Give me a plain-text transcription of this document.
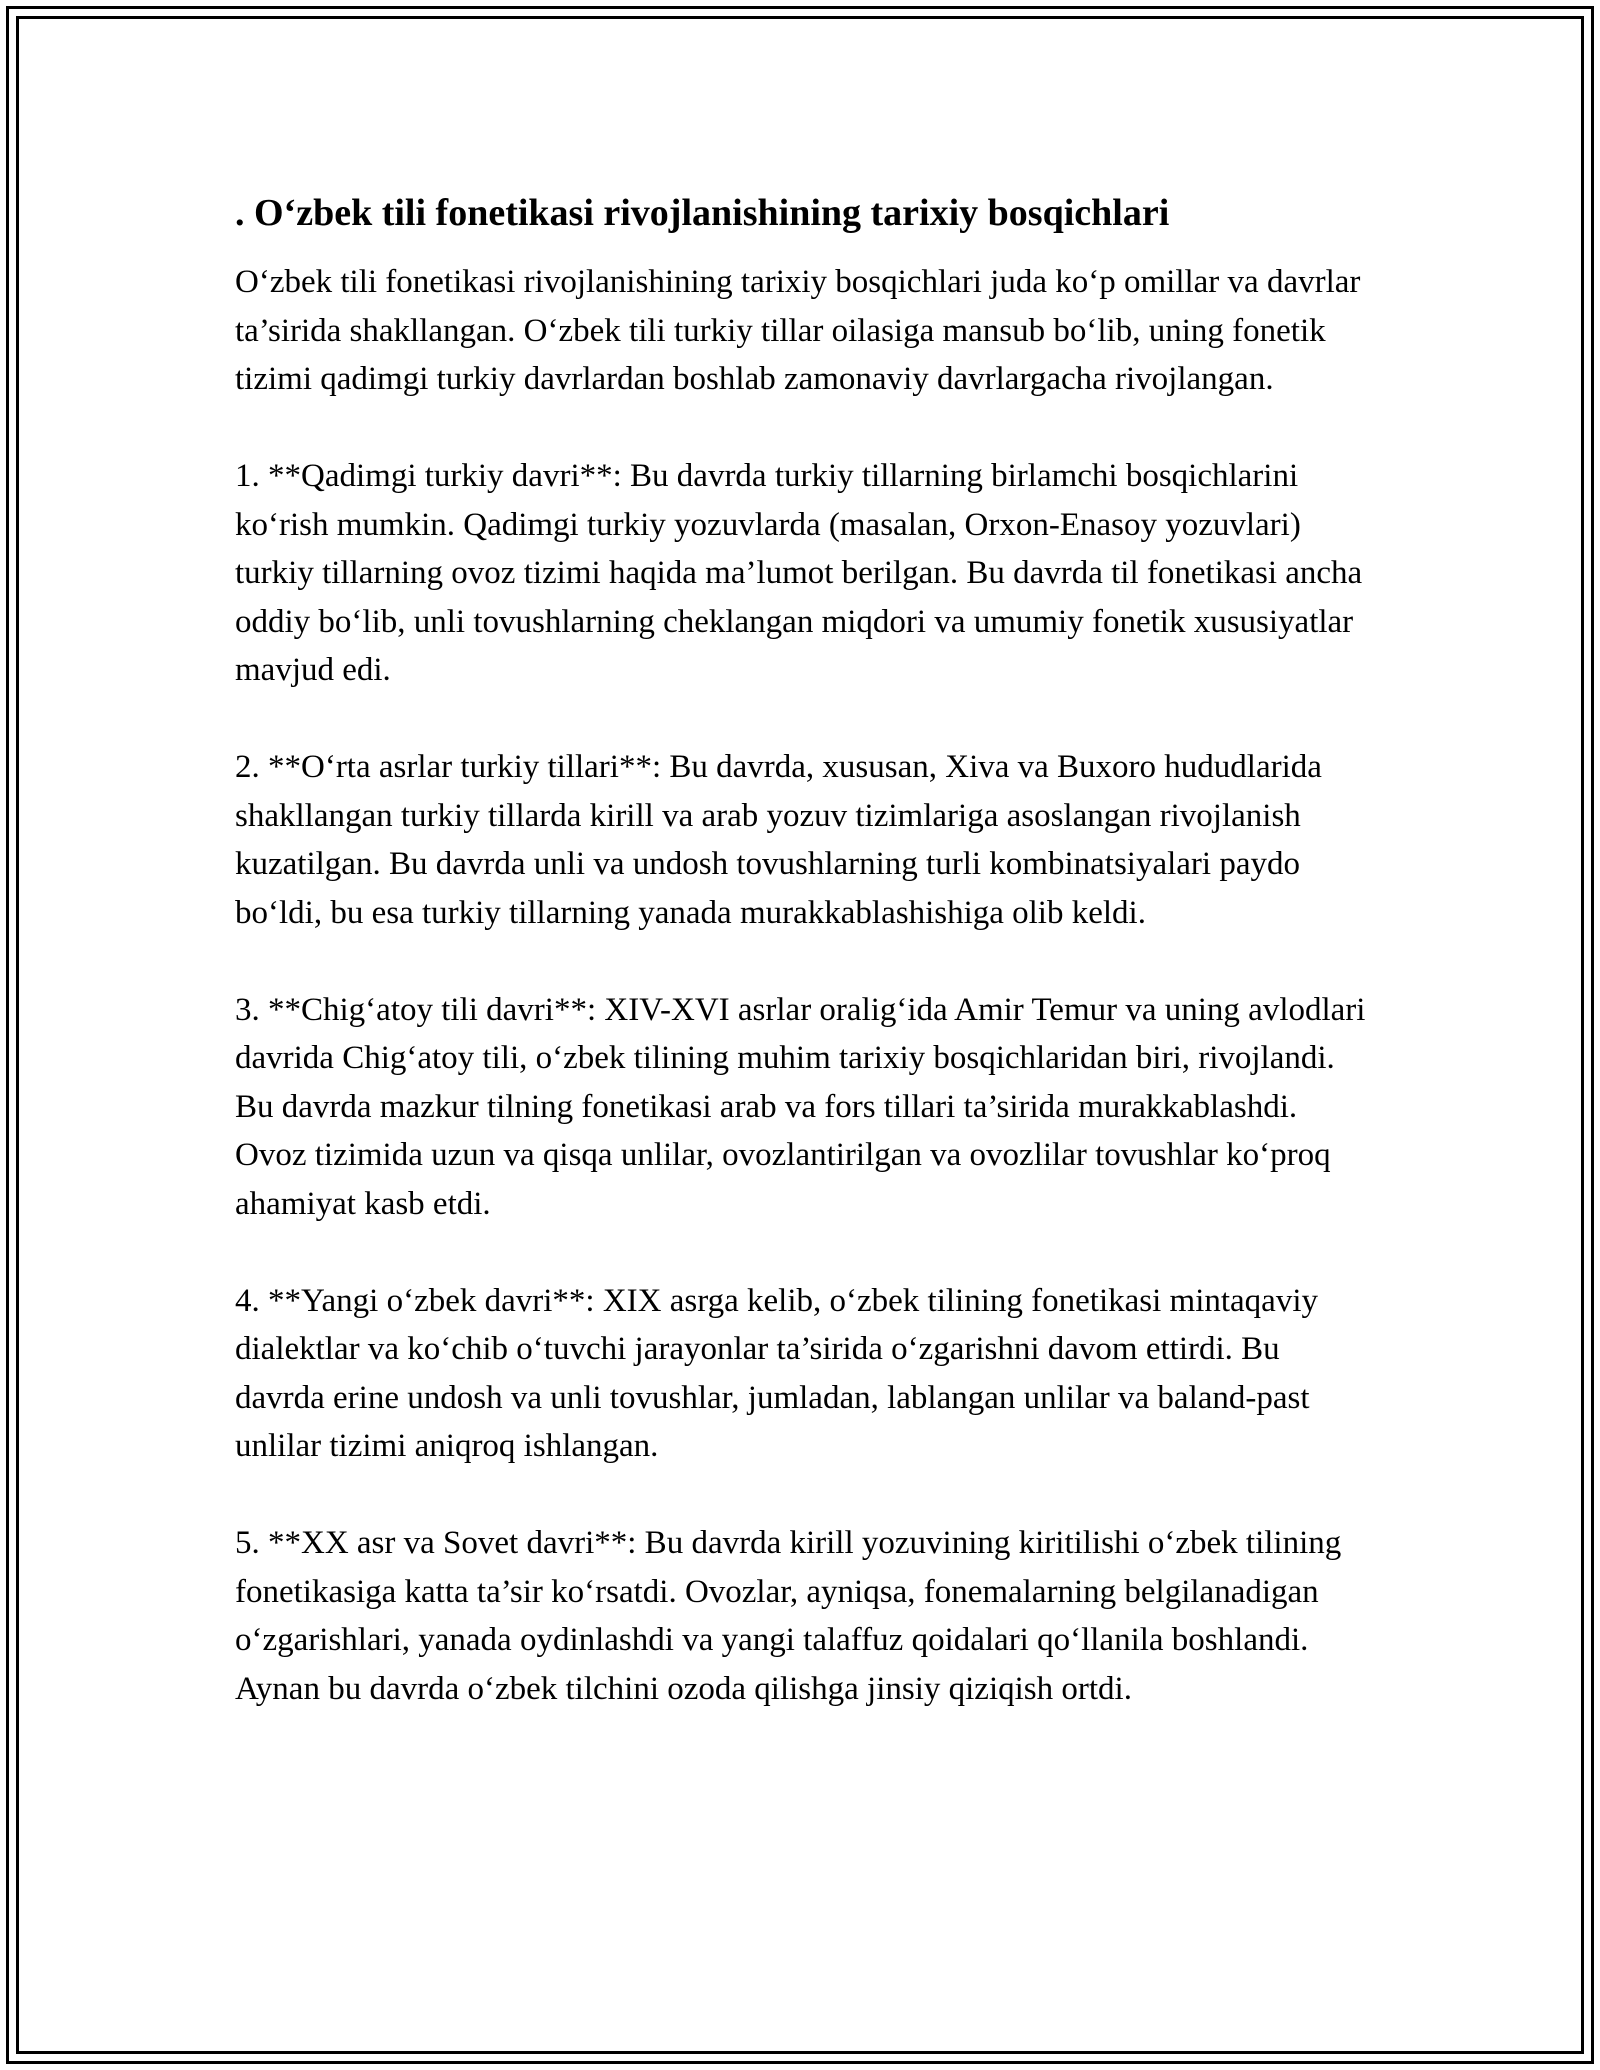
. O‘zbek tili fonetikasi rivojlanishining tarixiy bosqichlari

O‘zbek tili fonetikasi rivojlanishining tarixiy bosqichlari juda ko‘p omillar va davrlar ta’sirida shakllangan. O‘zbek tili turkiy tillar oilasiga mansub bo‘lib, uning fonetik tizimi qadimgi turkiy davrlardan boshlab zamonaviy davrlargacha rivojlangan.

1. **Qadimgi turkiy davri**: Bu davrda turkiy tillarning birlamchi bosqichlarini ko‘rish mumkin. Qadimgi turkiy yozuvlarda (masalan, Orxon-Enasoy yozuvlari) turkiy tillarning ovoz tizimi haqida ma’lumot berilgan. Bu davrda til fonetikasi ancha oddiy bo‘lib, unli tovushlarning cheklangan miqdori va umumiy fonetik xususiyatlar mavjud edi.

2. **O‘rta asrlar turkiy tillari**: Bu davrda, xususan, Xiva va Buxoro hududlarida shakllangan turkiy tillarda kirill va arab yozuv tizimlariga asoslangan rivojlanish kuzatilgan. Bu davrda unli va undosh tovushlarning turli kombinatsiyalari paydo bo‘ldi, bu esa turkiy tillarning yanada murakkablashishiga olib keldi.

3. **Chig‘atoy tili davri**: XIV-XVI asrlar oralig‘ida Amir Temur va uning avlodlari davrida Chig‘atoy tili, o‘zbek tilining muhim tarixiy bosqichlaridan biri, rivojlandi. Bu davrda mazkur tilning fonetikasi arab va fors tillari ta’sirida murakkablashdi. Ovoz tizimida uzun va qisqa unlilar, ovozlantirilgan va ovozlilar tovushlar ko‘proq ahamiyat kasb etdi.

4. **Yangi o‘zbek davri**: XIX asrga kelib, o‘zbek tilining fonetikasi mintaqaviy dialektlar va ko‘chib o‘tuvchi jarayonlar ta’sirida o‘zgarishni davom ettirdi. Bu davrda erine undosh va unli tovushlar, jumladan, lablangan unlilar va baland-past unlilar tizimi aniqroq ishlangan.

5. **XX asr va Sovet davri**: Bu davrda kirill yozuvining kiritilishi o‘zbek tilining fonetikasiga katta ta’sir ko‘rsatdi. Ovozlar, ayniqsa, fonemalarning belgilanadigan o‘zgarishlari, yanada oydinlashdi va yangi talaffuz qoidalari qo‘llanila boshlandi. Aynan bu davrda o‘zbek tilchini ozoda qilishga jinsiy qiziqish ortdi.
